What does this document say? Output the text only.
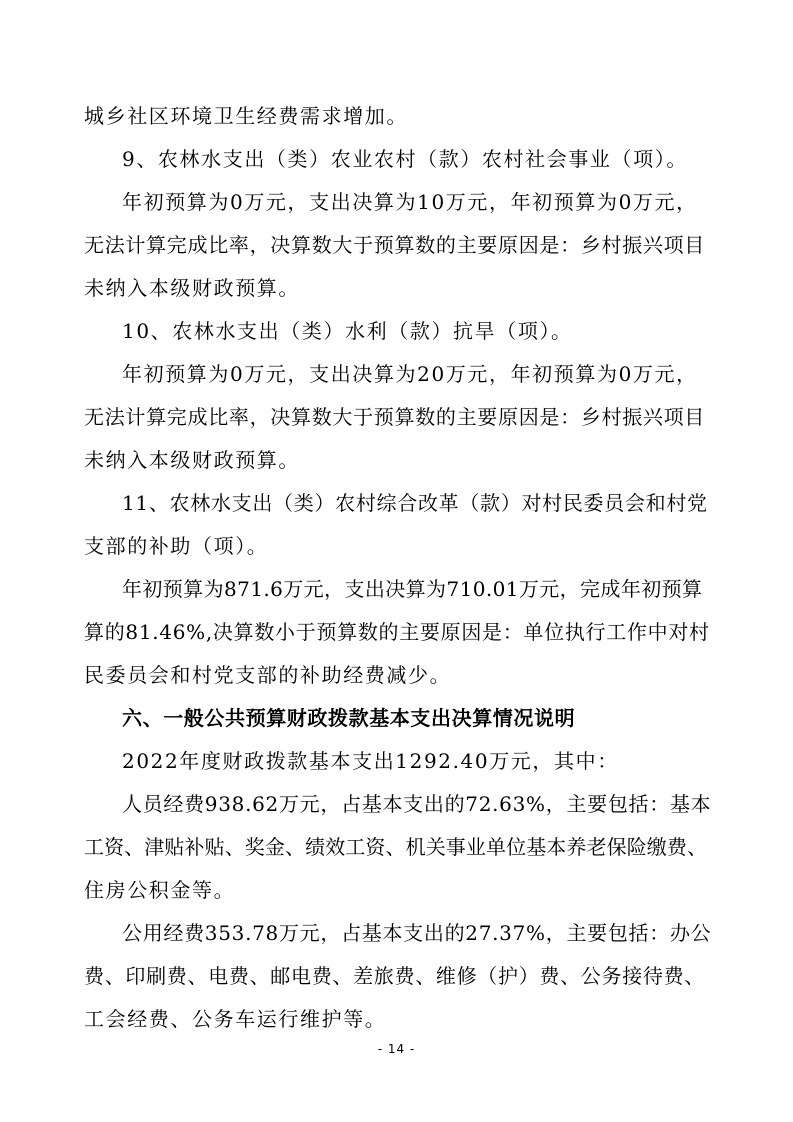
城乡社区环境卫生经费需求增加。
9、农林水支出（类）农业农村（款）农村社会事业（项）。
年初预算为0万元，支出决算为10万元，年初预算为0万元，
无法计算完成比率，决算数大于预算数的主要原因是：乡村振兴项目
未纳入本级财政预算。
10、农林水支出（类）水利（款）抗旱（项）。
年初预算为0万元，支出决算为20万元，年初预算为0万元，
无法计算完成比率，决算数大于预算数的主要原因是：乡村振兴项目
未纳入本级财政预算。
11、农林水支出（类）农村综合改革（款）对村民委员会和村党
支部的补助（项）。
年初预算为871.6万元，支出决算为710.01万元，完成年初预算
算的81.46%,决算数小于预算数的主要原因是：单位执行工作中对村
民委员会和村党支部的补助经费减少。
六、一般公共预算财政拨款基本支出决算情况说明
2022年度财政拨款基本支出1292.40万元，其中：
人员经费938.62万元，占基本支出的72.63%，主要包括：基本
工资、津贴补贴、奖金、绩效工资、机关事业单位基本养老保险缴费、
住房公积金等。
公用经费353.78万元，占基本支出的27.37%，主要包括：办公
费、印刷费、电费、邮电费、差旅费、维修（护）费、公务接待费、
工会经费、公务车运行维护等。
- 14 -
